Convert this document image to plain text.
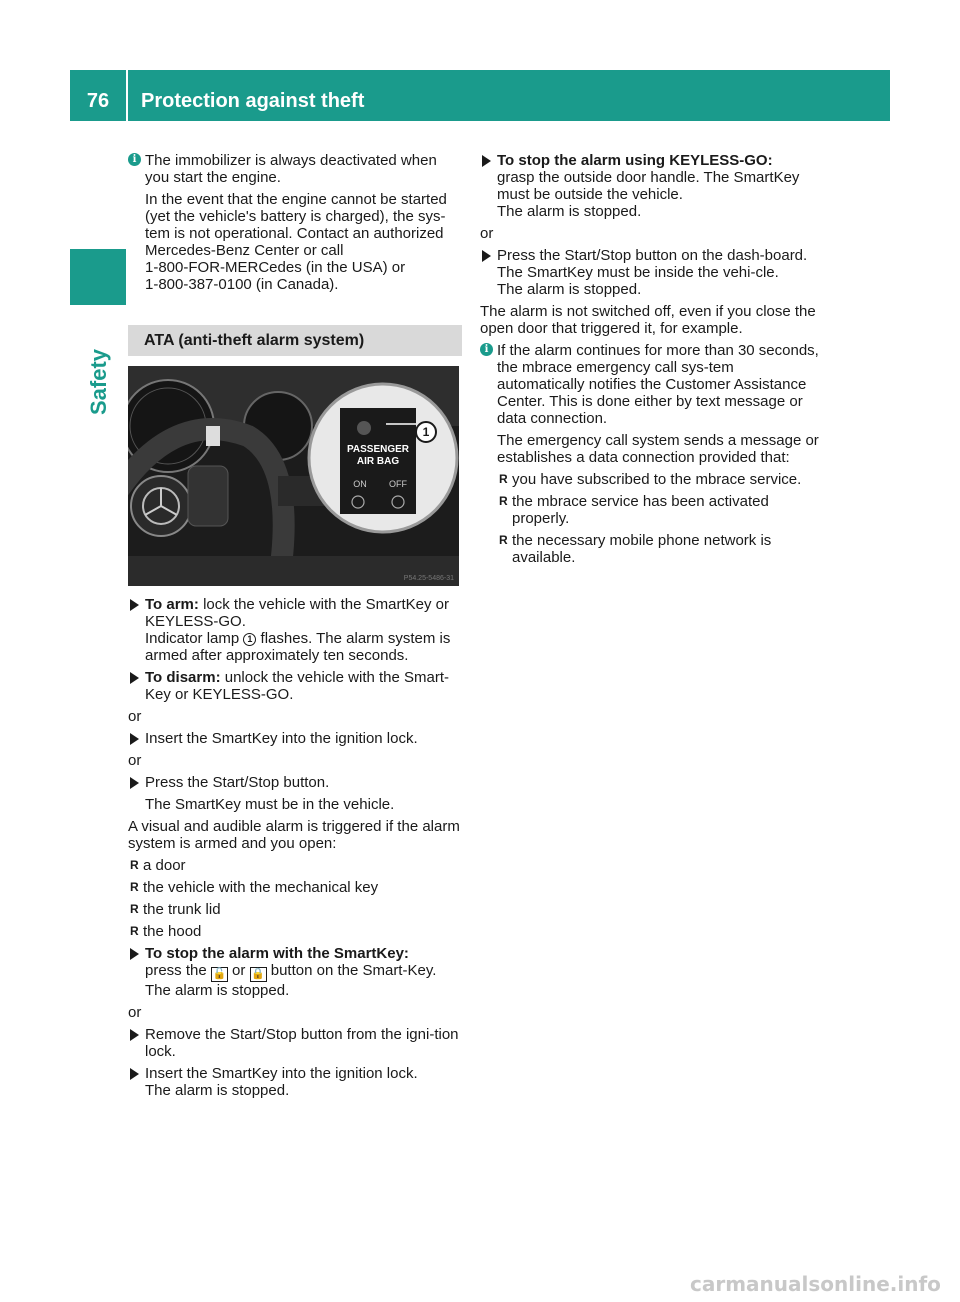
76	Protection against theft
Safety
i The immobilizer is always deactivated when you start the engine.

In the event that the engine cannot be started (yet the vehicle's battery is charged), the sys-tem is not operational. Contact an authorized Mercedes-Benz Center or call

1-800-FOR-MERCedes (in the USA) or

1-800-387-0100 (in Canada).

ATA (anti-theft alarm system)
PASSENGER
AIR BAG
ON OFF
1
P54.25-5486-31
To arm: lock the vehicle with the SmartKey or KEYLESS-GO.
Indicator lamp 1 flashes. The alarm system is armed after approximately ten seconds.
To disarm: unlock the vehicle with the Smart-Key or KEYLESS-GO.

or

Insert the SmartKey into the ignition lock.

or

Press the Start/Stop button.

The SmartKey must be in the vehicle.

A visual and audible alarm is triggered if the alarm system is armed and you open:

R a door
R the vehicle with the mechanical key
R the trunk lid
R the hood
To stop the alarm with the SmartKey:
press the 🔓 or 🔒 button on the Smart-Key.
The alarm is stopped.

or

Remove the Start/Stop button from the igni-tion lock.
Insert the SmartKey into the ignition lock.
The alarm is stopped.
To stop the alarm using KEYLESS-GO:
grasp the outside door handle. The SmartKey must be outside the vehicle.
The alarm is stopped.

or

Press the Start/Stop button on the dash-board. The SmartKey must be inside the vehi-cle.
The alarm is stopped.

The alarm is not switched off, even if you close the open door that triggered it, for example.

i If the alarm continues for more than 30 seconds, the mbrace emergency call sys-tem automatically notifies the Customer Assistance Center. This is done either by text message or data connection.

The emergency call system sends a message or establishes a data connection provided that:

R you have subscribed to the mbrace service.
R the mbrace service has been activated properly.
R the necessary mobile phone network is available.
carmanualsonline.info
